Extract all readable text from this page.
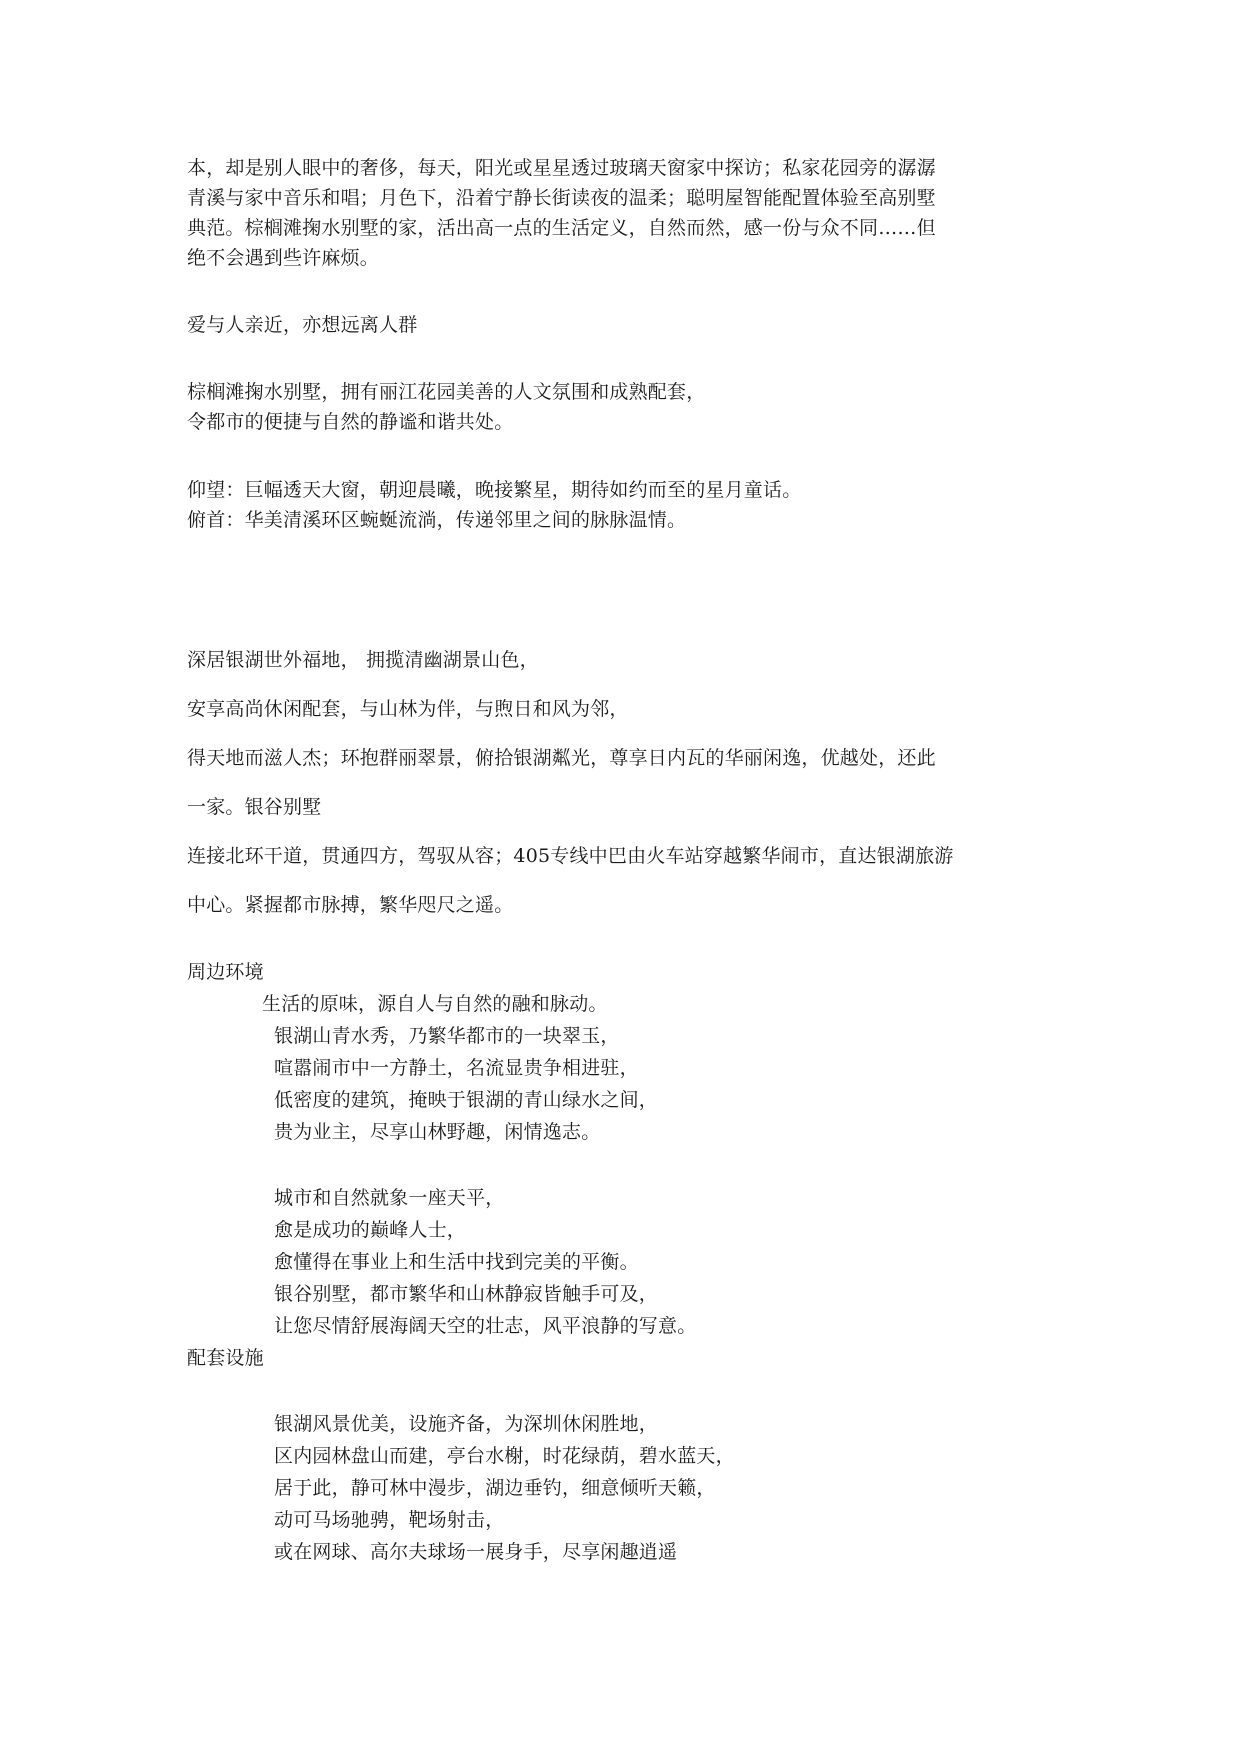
本，却是别人眼中的奢侈，每天，阳光或星星透过玻璃天窗家中探访；私家花园旁的潺潺
青溪与家中音乐和唱；月色下，沿着宁静长街读夜的温柔；聪明屋智能配置体验至高别墅
典范。棕榈滩掬水别墅的家，活出高一点的生活定义，自然而然，感一份与众不同……但
绝不会遇到些许麻烦。
爱与人亲近，亦想远离人群
棕榈滩掬水别墅，拥有丽江花园美善的人文氛围和成熟配套，
令都市的便捷与自然的静谧和谐共处。
仰望：巨幅透天大窗，朝迎晨曦，晚接繁星，期待如约而至的星月童话。
俯首：华美清溪环区蜿蜒流淌，传递邻里之间的脉脉温情。
深居银湖世外福地， 拥揽清幽湖景山色，
安享高尚休闲配套，与山林为伴，与煦日和风为邻，
得天地而滋人杰；环抱群丽翠景，俯拾银湖粼光，尊享日内瓦的华丽闲逸，优越处，还此
一家。银谷别墅
连接北环干道，贯通四方，驾驭从容；405专线中巴由火车站穿越繁华闹市，直达银湖旅游
中心。紧握都市脉搏，繁华咫尺之遥。
周边环境
生活的原味，源自人与自然的融和脉动。
银湖山青水秀，乃繁华都市的一块翠玉，
喧嚣闹市中一方静土，名流显贵争相进驻，
低密度的建筑，掩映于银湖的青山绿水之间，
贵为业主，尽享山林野趣，闲情逸志。
城市和自然就象一座天平，
愈是成功的巅峰人士，
愈懂得在事业上和生活中找到完美的平衡。
银谷别墅，都市繁华和山林静寂皆触手可及，
让您尽情舒展海阔天空的壮志，风平浪静的写意。
配套设施
银湖风景优美，设施齐备，为深圳休闲胜地，
区内园林盘山而建，亭台水榭，时花绿荫，碧水蓝天，
居于此，静可林中漫步，湖边垂钓，细意倾听天籁，
动可马场驰骋，靶场射击，
或在网球、高尔夫球场一展身手，尽享闲趣逍遥
